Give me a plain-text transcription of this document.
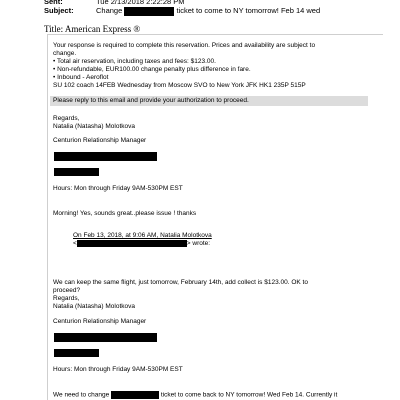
Sent:	Tue 2/13/2018 2:22:28 PM
Subject:	Change	ticket to come to NY tomorrow! Feb 14 wed
Title: American Express ®
Your response is required to complete this reservation. Prices and availability are subject to
change.
• Total air reservation, including taxes and fees: $123.00.
• Non-refundable, EUR100.00 change penalty plus difference in fare.
• Inbound - Aeroflot
SU 102 coach 14FEB Wednesday from Moscow SVO to New York JFK HK1 235P 515P
Please reply to this email and provide your authorization to proceed.
Regards,
Natalia (Natasha) Molotkova
Centurion Relationship Manager
Hours: Mon through Friday 9AM-530PM EST
Morning! Yes, sounds great..please issue ! thanks
On Feb 13, 2018, at 9:06 AM, Natalia Molotkova
<	> wrote:
We can keep the same flight, just tomorrow, February 14th, add collect is $123.00. OK to
proceed?
Regards,
Natalia (Natasha) Molotkova
Centurion Relationship Manager
Hours: Mon through Friday 9AM-530PM EST
We need to change	ticket to come back to NY tomorrow! Wed Feb 14. Currently it
